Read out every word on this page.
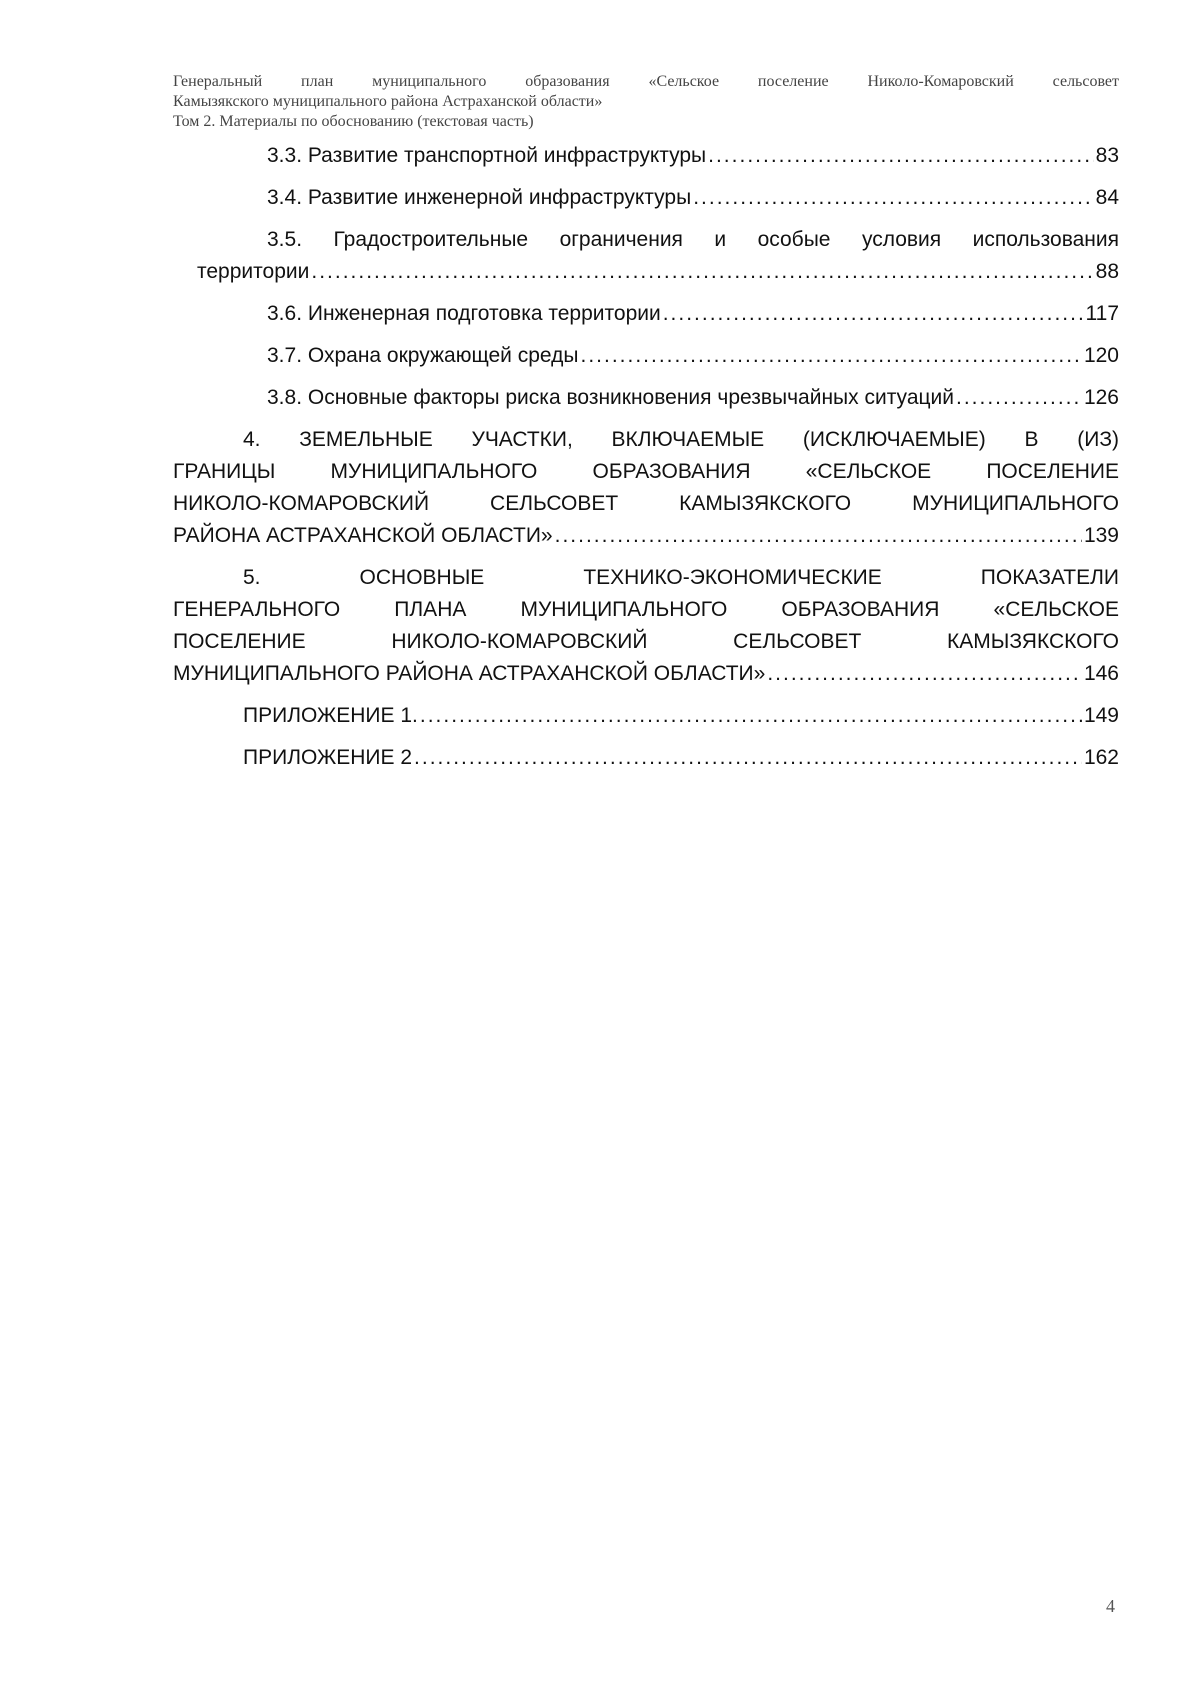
Генеральный план муниципального образования «Сельское поселение Николо-Комаровский сельсовет
Камызякского муниципального района Астраханской области»
Том 2. Материалы по обоснованию (текстовая часть)
3.3. Развитие транспортной инфраструктуры .....	83
3.4. Развитие инженерной инфраструктуры .....	84
3.5. Градостроительные ограничения и особые условия использования
территории .....	88
3.6. Инженерная подготовка территории .....	117
3.7. Охрана окружающей среды .....	120
3.8. Основные факторы риска возникновения чрезвычайных ситуаций .....	126
4. ЗЕМЕЛЬНЫЕ УЧАСТКИ, ВКЛЮЧАЕМЫЕ (ИСКЛЮЧАЕМЫЕ) В (ИЗ)
ГРАНИЦЫ МУНИЦИПАЛЬНОГО ОБРАЗОВАНИЯ «СЕЛЬСКОЕ ПОСЕЛЕНИЕ
НИКОЛО-КОМАРОВСКИЙ СЕЛЬСОВЕТ КАМЫЗЯКСКОГО МУНИЦИПАЛЬНОГО
РАЙОНА АСТРАХАНСКОЙ ОБЛАСТИ» .....	139
5. ОСНОВНЫЕ ТЕХНИКО-ЭКОНОМИЧЕСКИЕ ПОКАЗАТЕЛИ
ГЕНЕРАЛЬНОГО ПЛАНА МУНИЦИПАЛЬНОГО ОБРАЗОВАНИЯ «СЕЛЬСКОЕ
ПОСЕЛЕНИЕ НИКОЛО-КОМАРОВСКИЙ СЕЛЬСОВЕТ КАМЫЗЯКСКОГО
МУНИЦИПАЛЬНОГО РАЙОНА АСТРАХАНСКОЙ ОБЛАСТИ» .....	146
ПРИЛОЖЕНИЕ 1. .....	149
ПРИЛОЖЕНИЕ 2 .....	162
4
